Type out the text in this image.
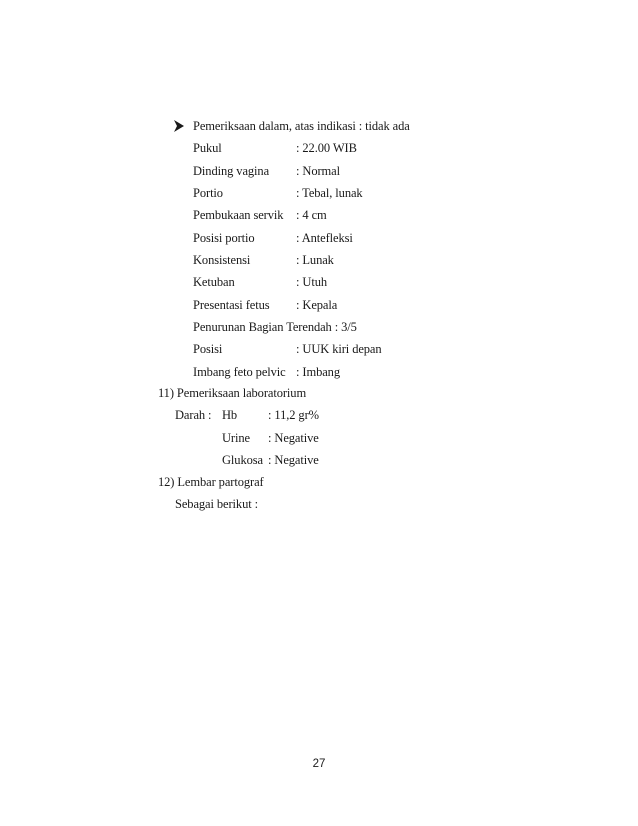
Pemeriksaan dalam, atas indikasi : tidak ada
Pukul	: 22.00 WIB
Dinding vagina : Normal
Portio	: Tebal, lunak
Pembukaan servik : 4 cm
Posisi portio	: Antefleksi
Konsistensi	: Lunak
Ketuban	: Utuh
Presentasi fetus : Kepala
Penurunan Bagian Terendah : 3/5
Posisi	: UUK kiri depan
Imbang feto pelvic : Imbang
11) Pemeriksaan laboratorium
Darah : Hb : 11,2 gr%
Urine : Negative
Glukosa : Negative
12) Lembar partograf
Sebagai berikut :
27
